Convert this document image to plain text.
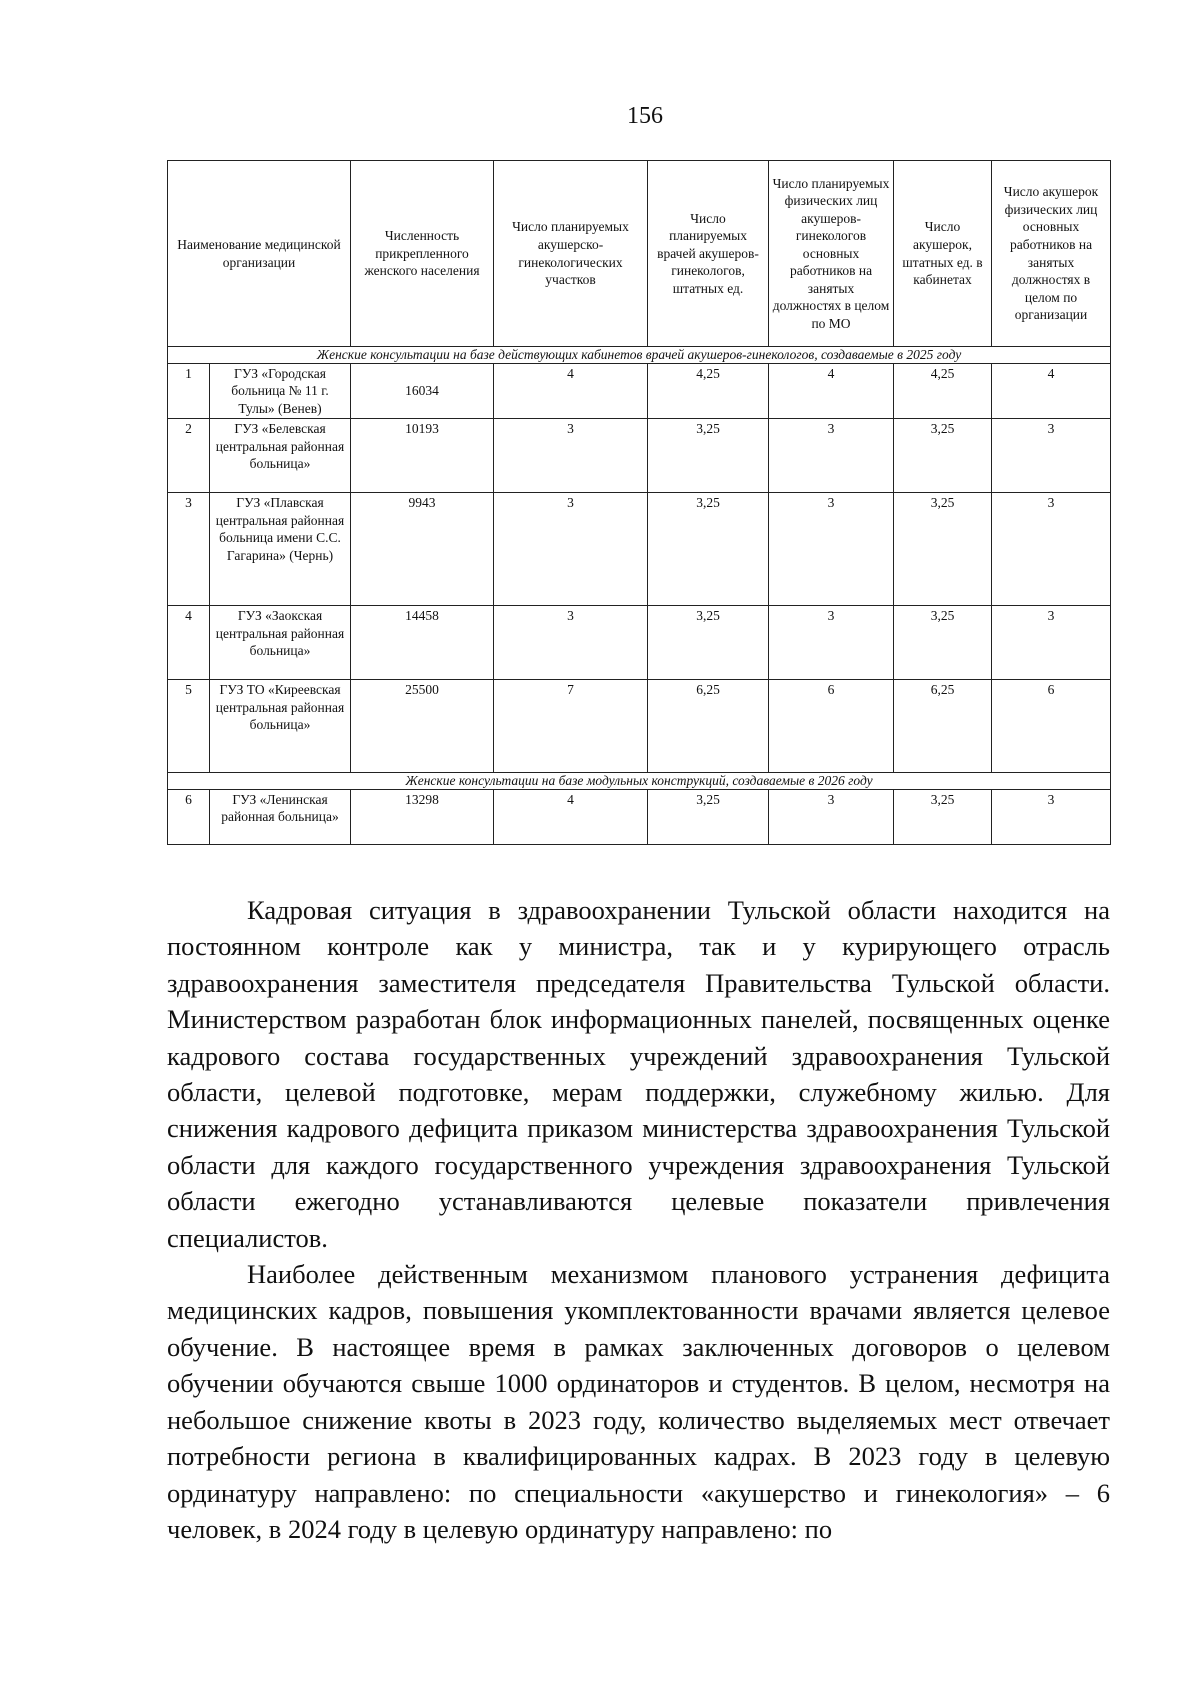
156
Наименование медицинской организации		Численность прикрепленного женского населения	Число планируемых акушерско-гинекологических участков	Число планируемых врачей акушеров-гинекологов, штатных ед.	Число планируемых физических лиц акушеров-гинекологов основных работников на занятых должностях в целом по МО	Число акушерок, штатных ед. в кабинетах	Число акушерок физических лиц основных работников на занятых должностях в целом по организации
Женские консультации на базе действующих кабинетов врачей акушеров-гинекологов, создаваемые в 2025 году							
1	ГУЗ «Городская больница № 11 г. Тулы» (Венев)	16034	4	4,25	4	4,25	4
2	ГУЗ «Белевская центральная районная больница»	10193	3	3,25	3	3,25	3
3	ГУЗ «Плавская центральная районная больница имени С.С. Гагарина» (Чернь)	9943	3	3,25	3	3,25	3
4	ГУЗ «Заокская центральная районная больница»	14458	3	3,25	3	3,25	3
5	ГУЗ ТО «Киреевская центральная районная больница»	25500	7	6,25	6	6,25	6
Женские консультации на базе модульных конструкций, создаваемые в 2026 году							
6	ГУЗ «Ленинская районная больница»	13298	4	3,25	3	3,25	3

Кадровая ситуация в здравоохранении Тульской области находится на постоянном контроле как у министра, так и у курирующего отрасль здравоохранения заместителя председателя Правительства Тульской области. Министерством разработан блок информационных панелей, посвященных оценке кадрового состава государственных учреждений здравоохранения Тульской области, целевой подготовке, мерам поддержки, служебному жилью. Для снижения кадрового дефицита приказом министерства здравоохранения Тульской области для каждого государственного учреждения здравоохранения Тульской области ежегодно устанавливаются целевые показатели привлечения специалистов.

Наиболее действенным механизмом планового устранения дефицита медицинских кадров, повышения укомплектованности врачами является целевое обучение. В настоящее время в рамках заключенных договоров о целевом обучении обучаются свыше 1000 ординаторов и студентов. В целом, несмотря на небольшое снижение квоты в 2023 году, количество выделяемых мест отвечает потребности региона в квалифицированных кадрах. В 2023 году в целевую ординатуру направлено: по специальности «акушерство и гинекология» – 6 человек, в 2024 году в целевую ординатуру направлено: по
